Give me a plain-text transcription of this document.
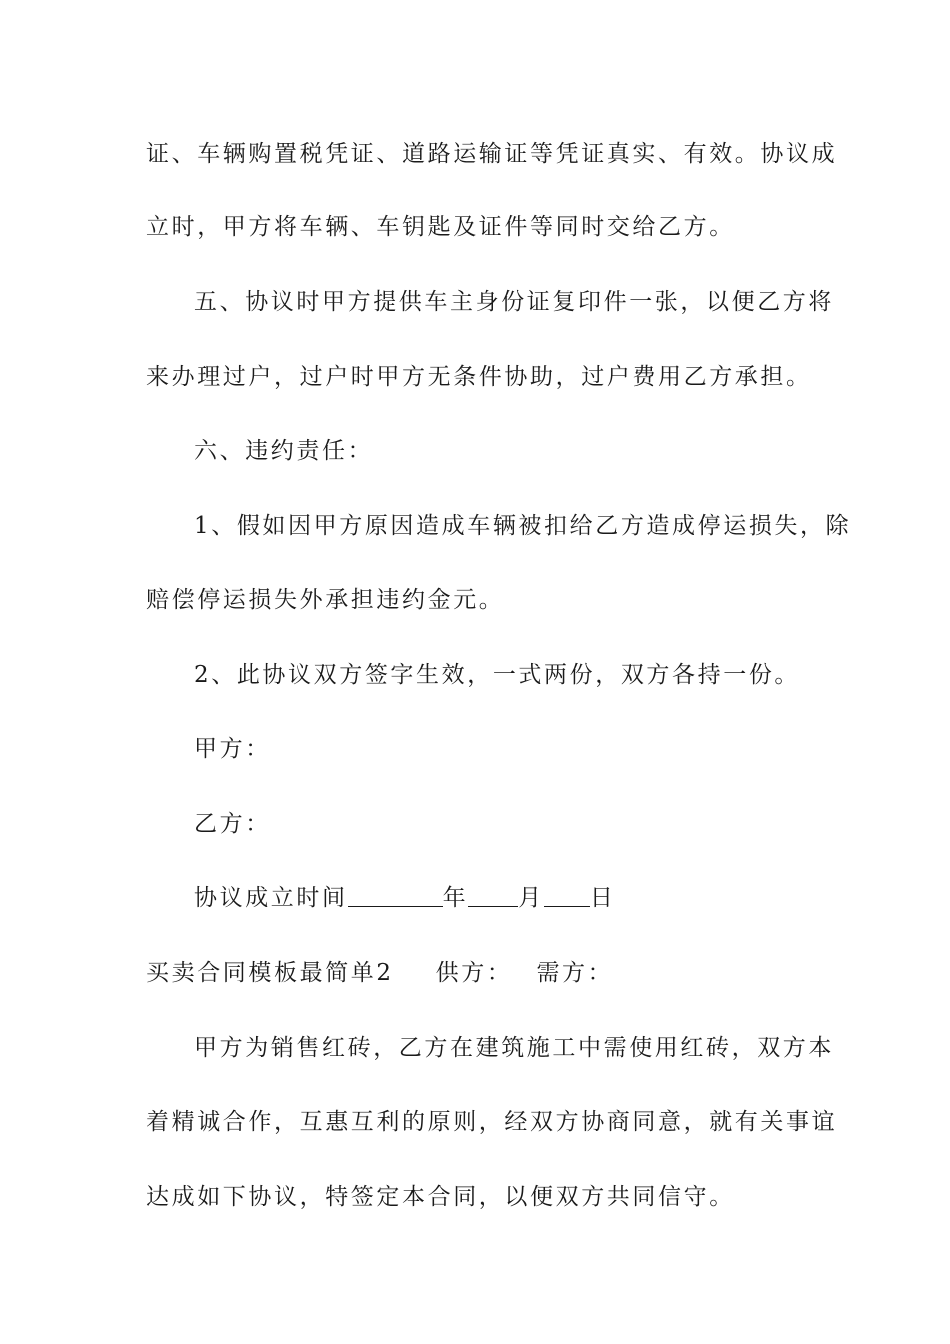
证、车辆购置税凭证、道路运输证等凭证真实、有效。协议成
立时，甲方将车辆、车钥匙及证件等同时交给乙方。
五、协议时甲方提供车主身份证复印件一张，以便乙方将
来办理过户，过户时甲方无条件协助，过户费用乙方承担。
六、违约责任：
1、假如因甲方原因造成车辆被扣给乙方造成停运损失，除
赔偿停运损失外承担违约金元。
2、此协议双方签字生效，一式两份，双方各持一份。
甲方：
乙方：
协议成立时间	年 月 日
买卖合同模板最简单2 供方： 需方：
甲方为销售红砖，乙方在建筑施工中需使用红砖，双方本
着精诚合作，互惠互利的原则，经双方协商同意，就有关事谊
达成如下协议，特签定本合同，以便双方共同信守。
